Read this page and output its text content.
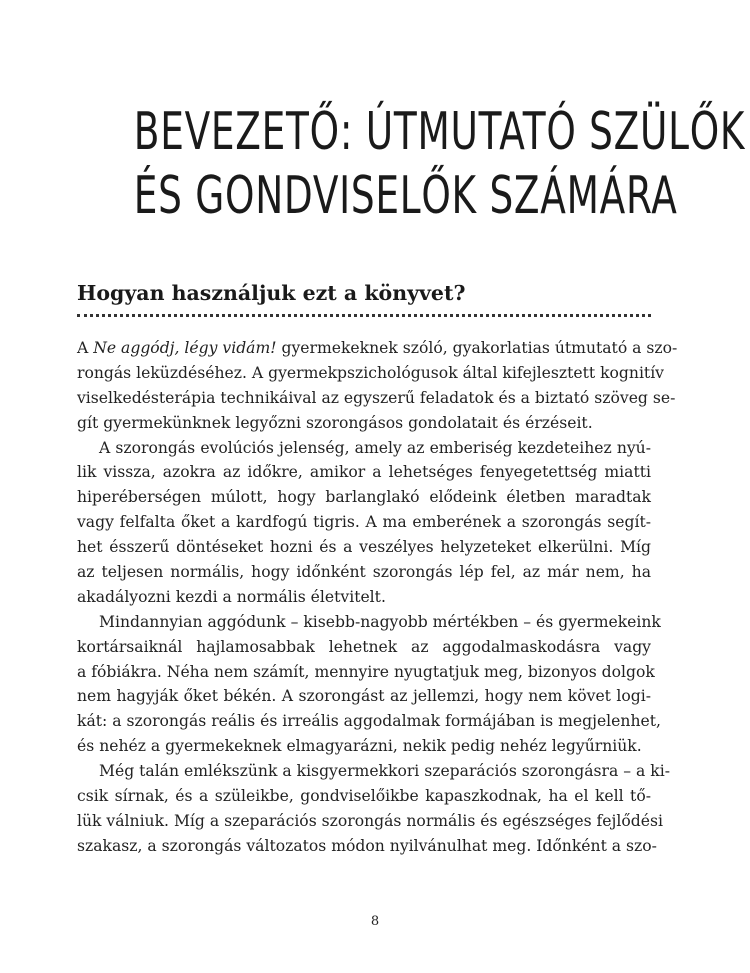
BEVEZETŐ: ÚTMUTATÓ SZÜLŐK
ÉS GONDVISELŐK SZÁMÁRA
Hogyan használjuk ezt a könyvet?
A Ne aggódj, légy vidám! gyermekeknek szóló, gyakorlatias útmutató a szo-
rongás leküzdéséhez. A gyermekpszichológusok által kifejlesztett kognitív
viselkedésterápia technikáival az egyszerű feladatok és a biztató szöveg se-
gít gyermekünknek legyőzni szorongásos gondolatait és érzéseit.
A szorongás evolúciós jelenség, amely az emberiség kezdeteihez nyú-
lik vissza, azokra az időkre, amikor a lehetséges fenyegetettség miatti
hiperéberségen múlott, hogy barlanglakó elődeink életben maradtak
vagy felfalta őket a kardfogú tigris. A ma emberének a szorongás segít-
het ésszerű döntéseket hozni és a veszélyes helyzeteket elkerülni. Míg
az teljesen normális, hogy időnként szorongás lép fel, az már nem, ha
akadályozni kezdi a normális életvitelt.
Mindannyian aggódunk – kisebb-nagyobb mértékben – és gyermekeink
kortársaiknál hajlamosabbak lehetnek az aggodalmaskodásra vagy
a fóbiákra. Néha nem számít, mennyire nyugtatjuk meg, bizonyos dolgok
nem hagyják őket békén. A szorongást az jellemzi, hogy nem követ logi-
kát: a szorongás reális és irreális aggodalmak formájában is megjelenhet,
és nehéz a gyermekeknek elmagyarázni, nekik pedig nehéz legyűrniük.
Még talán emlékszünk a kisgyermekkori szeparációs szorongásra – a ki-
csik sírnak, és a szüleikbe, gondviselőikbe kapaszkodnak, ha el kell tő-
lük válniuk. Míg a szeparációs szorongás normális és egészséges fejlődési
szakasz, a szorongás változatos módon nyilvánulhat meg. Időnként a szo-
8
